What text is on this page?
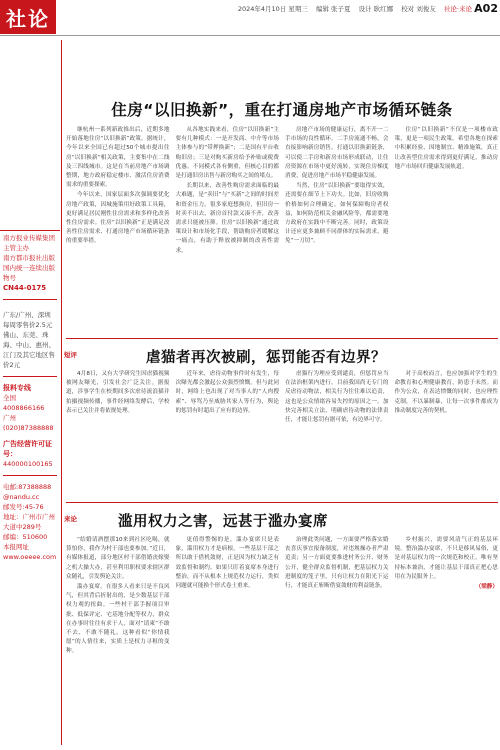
社论	2024年4月10日 星期三 编辑 张子夏 设计 耿红娜 校对 刘俊友 社论·来论 A02
南方报业传媒集团
主管主办
南方都市报社出版
国内统一连续出版物号
CN44-0175
广东/广州、深圳每周零售价2.5元
佛山、东莞、珠海、中山、惠州、江门及其它地区售价2元
报料专线
全国4008866166
广州(020)87388888
广告经营许可证号：
440000100165
电邮:87388888
@nandu.cc
邮发号:45-76
地址：广州市广州大道中289号
邮编：510600
本报网址
www.oeeee.com
住房“以旧换新”，重在打通房地产市场循环链条

继杭州一系列新政推出后，近期多地开始落地住房“以旧换新”政策。据统计，今年以来全国已有超过50个城市提出住房“以旧换新”相关政策，主要集中在二线及三四线城市。这是在当前房地产市场调整期，地方政府稳定楼市、激活住房消费需求的重要探索。

今年以来，国家层面多次强调要优化房地产政策，因城施策用好政策工具箱，更好满足居民刚性住房需求和多样化改善性住房需求。住房“以旧换新”正是满足改善性住房需求、打通房地产市场循环链条的重要举措。

从各地实践来看，住房“以旧换新”主要有几种模式：一是开发商、中介等市场主体参与的“带押换新”；二是国有平台收购旧房；三是对购买新房给予补贴或税费优惠。不同模式各有侧重，但核心目的都是打通旧房出售与新房购买之间的堵点。

长期以来，改善性购房需求面临的最大难题，是“卖旧”与“买新”之间的时间差和资金压力。很多家庭想换房，但旧房一时卖不出去，新房首付款又凑不齐，改善需求只能被压抑。住房“以旧换新”通过政策设计和市场化手段，帮助购房者缓解这一痛点，有助于释放被抑制的改善性需求。

房地产市场的健康运行，离不开一二手市场的良性循环。二手房流通不畅，会直接影响新房销售。打通以旧换新链条，可以使二手房和新房市场形成联动，让住房资源在市场中更好流转，实现住房梯度消费，促进房地产市场平稳健康发展。

当然，住房“以旧换新”要取得实效，还需要在细节上下功夫。比如，旧房收购价格如何合理确定，如何保障购房者权益，如何防范相关金融风险等，都需要地方政府在实践中不断完善。同时，政策设计还应更多兼顾不同群体的实际需求，避免“一刀切”。

住房“以旧换新”不仅是一项楼市政策，更是一项民生政策。希望各地在探索中积累经验，因地制宜、精准施策，真正让改善型住房需求得到更好满足，推动房地产市场回归健康发展轨道。

短评	虐猫者再次被刷，惩罚能否有边界？

4月8日，又有大学研究生因虐猫视频被网友曝光，引发社会广泛关注。据报道，涉事学生在校期间多次虐待流浪猫并拍摄视频传播，事件经网络发酵后，学校表示已关注并将依规处理。

近年来，虐待动物事件时有发生，每次曝光都会激起公众强烈愤慨。但与此同时，网络上也出现了对当事人的“人肉搜索”、辱骂乃至威胁其家人等行为，舆论的惩罚有时超出了应有的边界。

虐猫行为理应受到谴责，但惩罚应当在法治框架内进行。目前我国尚无专门的反虐待动物法，相关行为往往难以追责，这也是公众情绪容易失控的原因之一。加快完善相关立法，明确虐待动物的法律责任，才能让惩罚有据可依，有边界可守。

对于高校而言，也应加强对学生的生命教育和心理健康教育，防患于未然。而作为公众，在表达愤慨的同时，也应理性克制，不以暴制暴，让每一次事件都成为推动制度完善的契机。

来论	滥用权力之害，远甚于滥办宴席

“结婚请酒摆那10来到社区吃喝，就算怕你，我作为村干部也要参加。”近日，有媒体报道，部分地区村干部借婚丧嫁娶之机大操大办，甚至利用职权要求辖区群众随礼，引发舆论关注。

滥办宴席，在很多人看来只是不良风气，但其背后折射出的，是少数基层干部权力观的扭曲。一些村干部手握项目审批、低保评定、宅基地分配等权力，群众在办事时往往有求于人，面对“请柬”不敢不去、不敢不随礼。这种看似“你情我愿”的人情往来，实质上是权力寻租的变种。

更值得警惕的是，滥办宴席只是表象，滥用权力才是病根。一些基层干部之所以敢于借机敛财，正是因为权力缺乏有效监督和制约。如果只盯着宴席本身进行整治，而不从根本上规范权力运行，类似问题就可能换个形式卷土重来。

治理此类问题，一方面要严格落实婚丧喜庆事宜报备制度，对违规操办者严肃追责；另一方面更要推进村务公开、财务公开，健全群众监督机制，把基层权力关进制度的笼子里。只有让权力在阳光下运行，才能真正斩断借宴敛财的利益链条。

乡村振兴，需要风清气正的基层环境。整治滥办宴席，不只是移风易俗，更是对基层权力的一次规范和校正。唯有坚持标本兼治，才能让基层干部真正把心思用在为民服务上。

（梁静）
